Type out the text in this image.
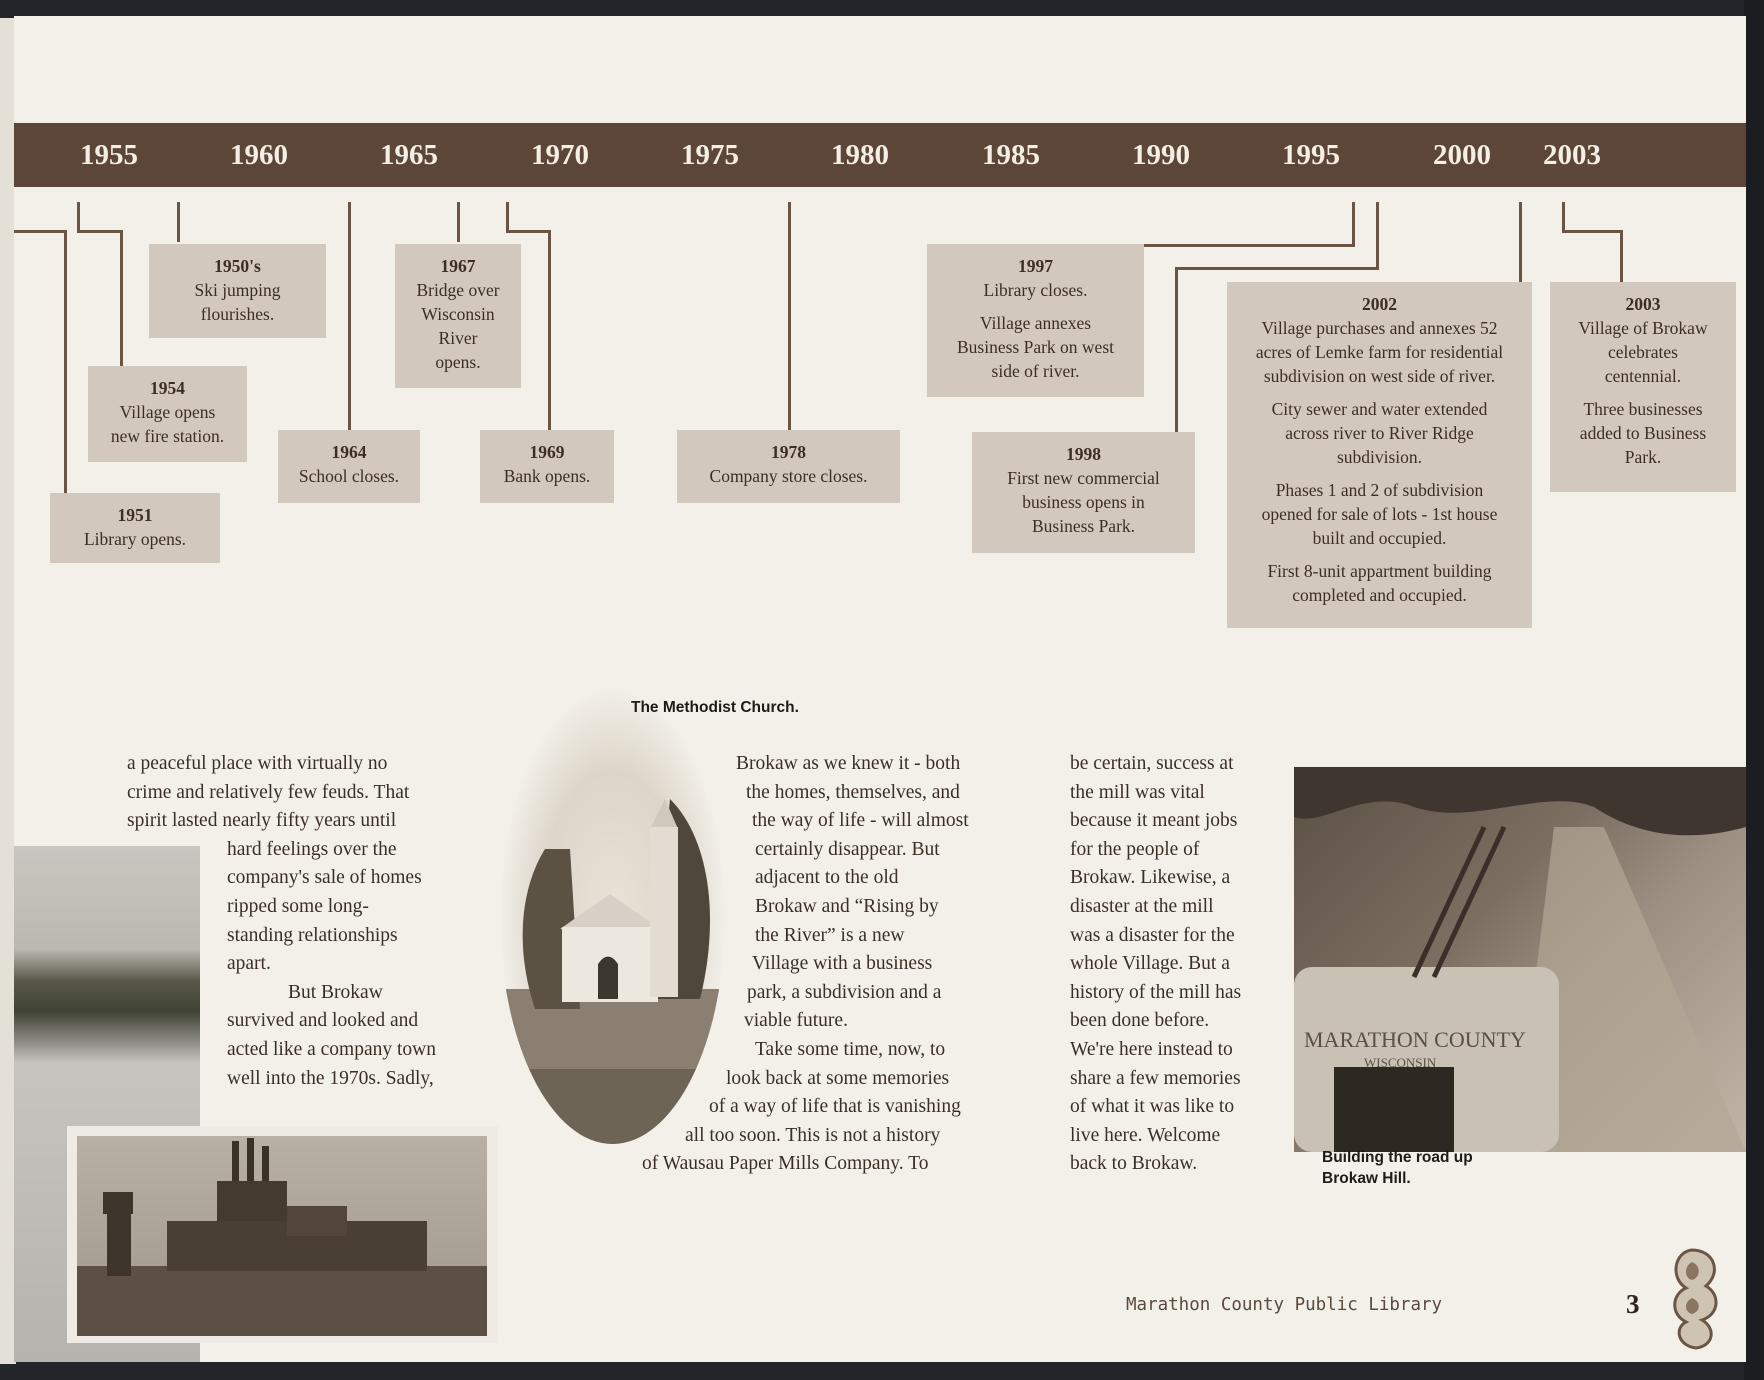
1955	1960	1965	1970	1975	1980	1985	1990	1995	2000	2003
1951
Library opens.
1950's
Ski jumping
flourishes.
1954
Village opens
new fire station.
1964
School closes.
1967
Bridge over
Wisconsin
River
opens.
1969
Bank opens.
1978
Company store closes.
1997

Library closes.

Village annexes
Business Park on west
side of river.

1998
First new commercial
business opens in
Business Park.
2002

Village purchases and annexes 52
acres of Lemke farm for residential
subdivision on west side of river.

City sewer and water extended
across river to River Ridge
subdivision.

Phases 1 and 2 of subdivision
opened for sale of lots - 1st house
built and occupied.

First 8-unit appartment building
completed and occupied.

2003

Village of Brokaw
celebrates
centennial.

Three businesses
added to Business
Park.

MARATHON COUNTY
WISCONSIN
The Methodist Church.
Building the road up
Brokaw Hill.
a peaceful place with virtually no
crime and relatively few feuds. That
spirit lasted nearly fifty years until
hard feelings over the
company's sale of homes
ripped some long-
standing relationships
apart.
But Brokaw
survived and looked and
acted like a company town
well into the 1970s. Sadly,
Brokaw as we knew it - both
the homes, themselves, and
the way of life - will almost
certainly disappear. But
adjacent to the old
Brokaw and “Rising by
the River” is a new
Village with a business
park, a subdivision and a
viable future.
Take some time, now, to
look back at some memories
of a way of life that is vanishing
all too soon. This is not a history
of Wausau Paper Mills Company. To
be certain, success at
the mill was vital
because it meant jobs
for the people of
Brokaw. Likewise, a
disaster at the mill
was a disaster for the
whole Village. But a
history of the mill has
been done before.
We're here instead to
share a few memories
of what it was like to
live here. Welcome
back to Brokaw.
Marathon County Public Library	3
